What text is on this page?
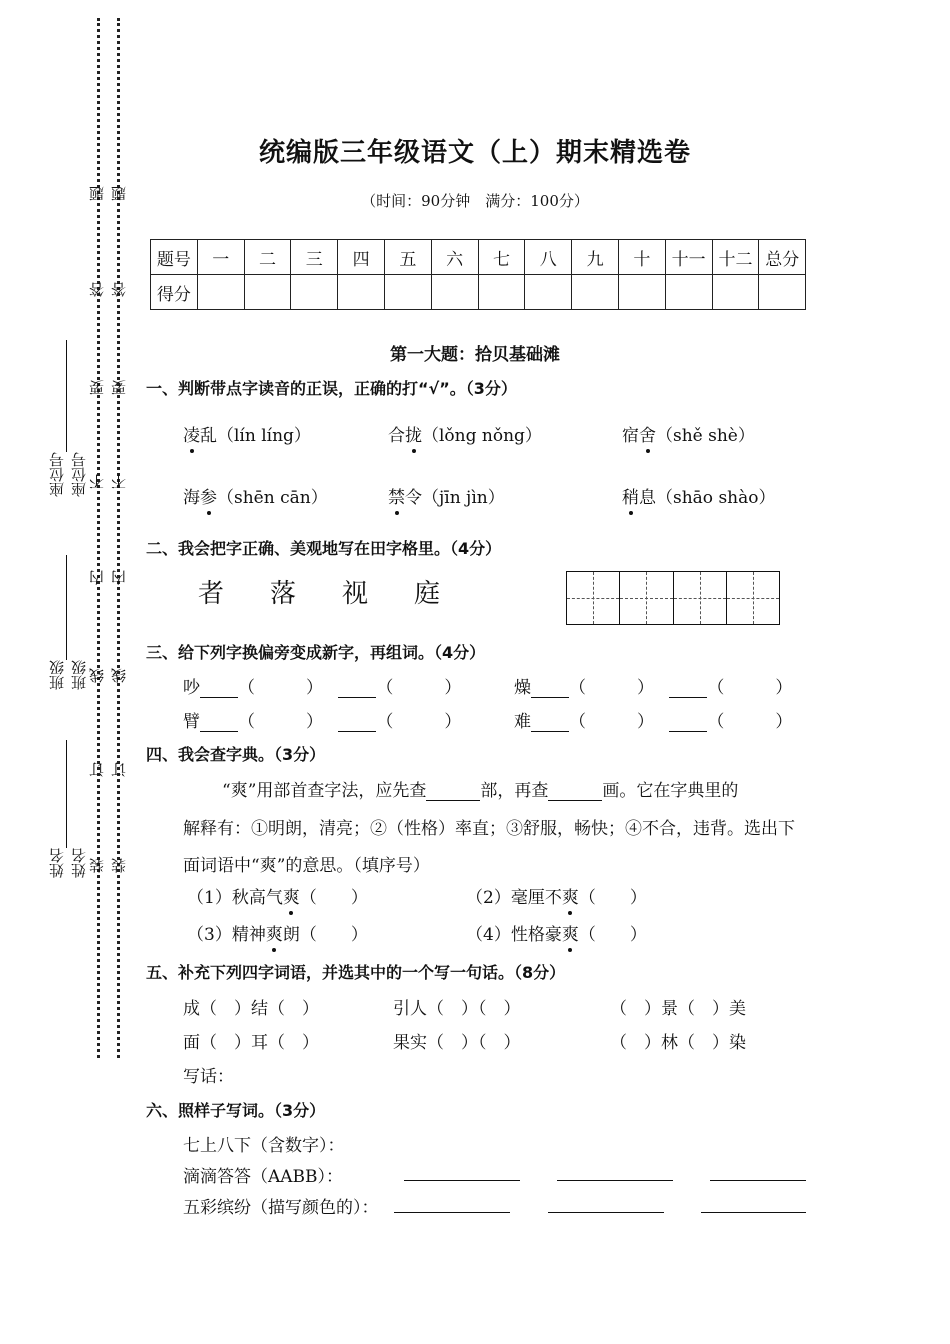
座位号
班级
姓名
座位号
班级
姓名
题
答
要
不
内
线
订
装
题
答
要
不
内
线
订
装
统编版三年级语文（上）期末精选卷
（时间：90分钟　满分：100分）
题号	一	二	三	四	五	六	七	八	九	十	十一	十二	总分
得分													
第一大题：拾贝基础滩
一、判断带点字读音的正误，正确的打“√”。（3分）
凌乱（lín líng）	合拢（lǒng nǒng）	宿舍（shě shè）
海参（shēn cān）	禁令（jīn jìn）	稍息（shāo shào）
二、我会把字正确、美观地写在田字格里。（4分）
者 落 视 庭
三、给下列字换偏旁变成新字，再组词。（4分）
吵 （　　　）	（　　　）	燥 （　　　）	（　　　）
臂 （　　　）	（　　　）	难 （　　　）	（　　　）
四、我会查字典。（3分）
“爽”用部首查字法，应先查	部，再查	画。它在字典里的
解释有：①明朗，清亮；②（性格）率直；③舒服，畅快；④不合，违背。选出下
面词语中“爽”的意思。（填序号）
（1）秋高气爽（　　）	（2）毫厘不爽（　　）
（3）精神爽朗（　　）	（4）性格豪爽（　　）
五、补充下列四字词语，并选其中的一个写一句话。（8分）
成（　）结（　）	引人（　）（　）	（　）景（　）美
面（　）耳（　）	果实（　）（　）	（　）林（　）染
写话：
六、照样子写词。（3分）
七上八下（含数字）：
滴滴答答（AABB）：
五彩缤纷（描写颜色的）：
